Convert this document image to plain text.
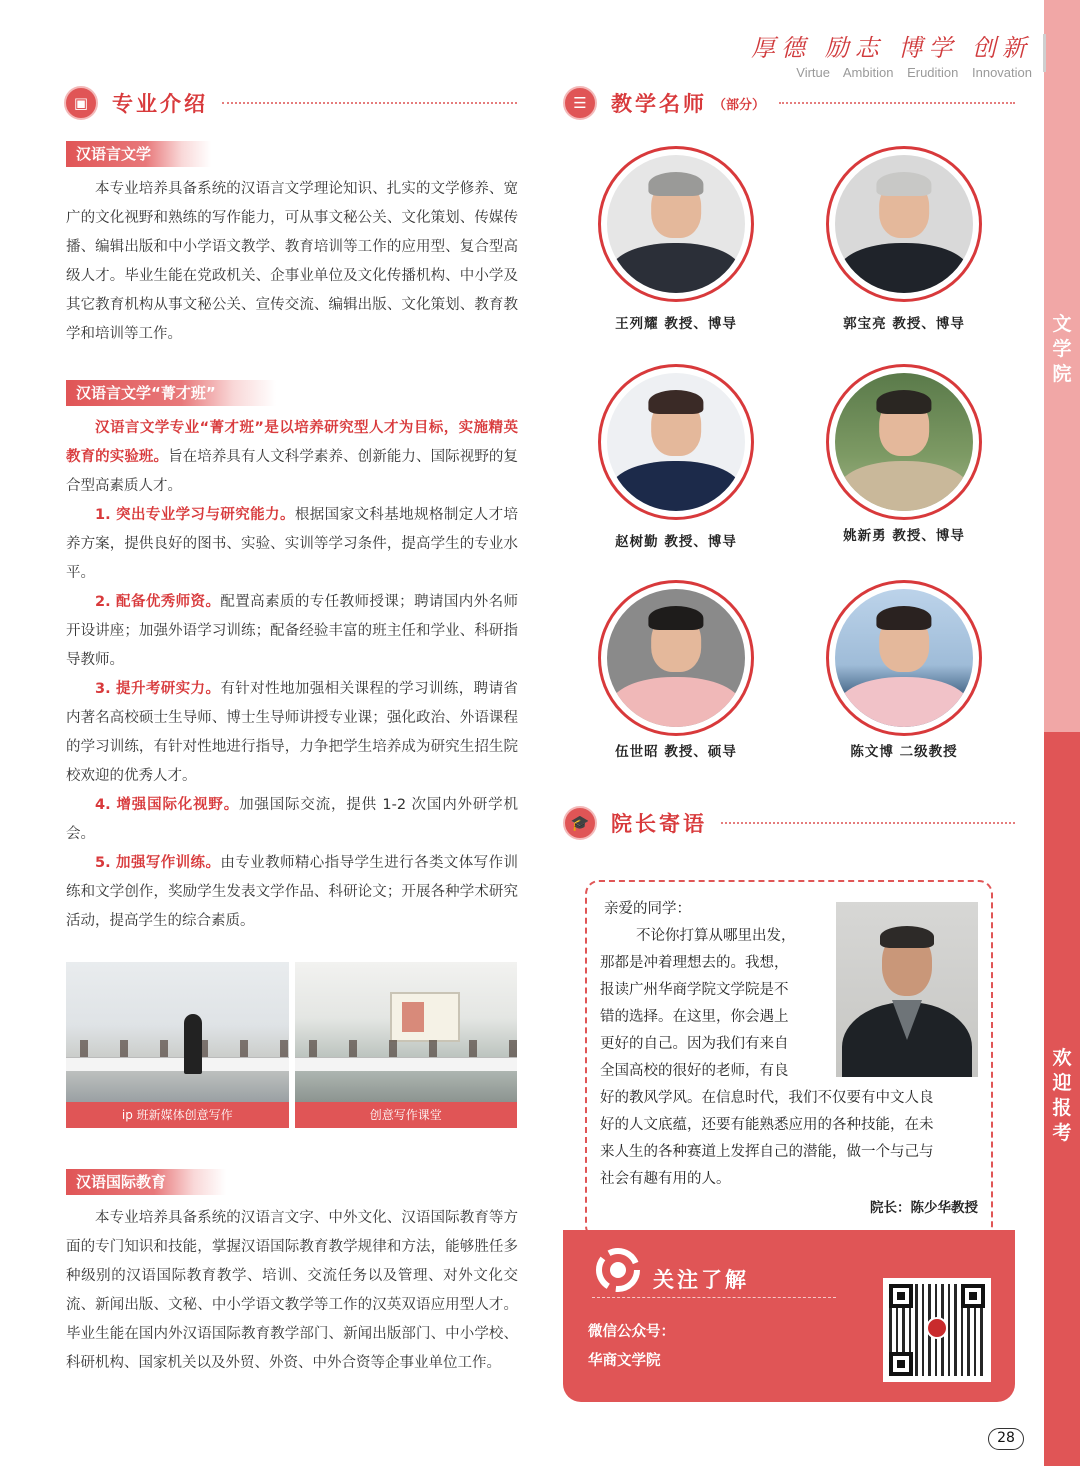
文
学
院
欢
迎
报
考
厚德 励志 博学 创新
Virtue Ambition Erudition Innovation
▣	专业介绍
汉语言文学

本专业培养具备系统的汉语言文学理论知识、扎实的文学修养、宽广的文化视野和熟练的写作能力，可从事文秘公关、文化策划、传媒传播、编辑出版和中小学语文教学、教育培训等工作的应用型、复合型高级人才。毕业生能在党政机关、企事业单位及文化传播机构、中小学及其它教育机构从事文秘公关、宣传交流、编辑出版、文化策划、教育教学和培训等工作。

汉语言文学“菁才班”

汉语言文学专业“菁才班”是以培养研究型人才为目标，实施精英教育的实验班。旨在培养具有人文科学素养、创新能力、国际视野的复合型高素质人才。

1. 突出专业学习与研究能力。根据国家文科基地规格制定人才培养方案，提供良好的图书、实验、实训等学习条件，提高学生的专业水平。

2. 配备优秀师资。配置高素质的专任教师授课；聘请国内外名师开设讲座；加强外语学习训练；配备经验丰富的班主任和学业、科研指导教师。

3. 提升考研实力。有针对性地加强相关课程的学习训练，聘请省内著名高校硕士生导师、博士生导师讲授专业课；强化政治、外语课程的学习训练，有针对性地进行指导，力争把学生培养成为研究生招生院校欢迎的优秀人才。

4. 增强国际化视野。加强国际交流，提供 1-2 次国内外研学机会。

5. 加强写作训练。由专业教师精心指导学生进行各类文体写作训练和文学创作，奖励学生发表文学作品、科研论文；开展各种学术研究活动，提高学生的综合素质。

ip 班新媒体创意写作	创意写作课堂
汉语国际教育

本专业培养具备系统的汉语言文字、中外文化、汉语国际教育等方面的专门知识和技能，掌握汉语国际教育教学规律和方法，能够胜任多种级别的汉语国际教育教学、培训、交流任务以及管理、对外文化交流、新闻出版、文秘、中小学语文教学等工作的汉英双语应用型人才。毕业生能在国内外汉语国际教育教学部门、新闻出版部门、中小学校、科研机构、国家机关以及外贸、外资、中外合资等企事业单位工作。

☰	教学名师 （部分）
王列耀 教授、博导	郭宝亮 教授、博导
赵树勤 教授、博导	姚新勇 教授、博导
伍世昭 教授、硕导	陈文博 二级教授
🎓	院长寄语
亲爱的同学：
不论你打算从哪里出发，
那都是冲着理想去的。我想，
报读广州华商学院文学院是不
错的选择。在这里，你会遇上
更好的自己。因为我们有来自
全国高校的很好的老师，有良
好的教风学风。在信息时代，我们不仅要有中文人良
好的人文底蕴，还要有能熟悉应用的各种技能，在未
来人生的各种赛道上发挥自己的潜能，做一个与己与
社会有趣有用的人。
院长：陈少华教授
关注了解
微信公众号：
华商文学院
28
